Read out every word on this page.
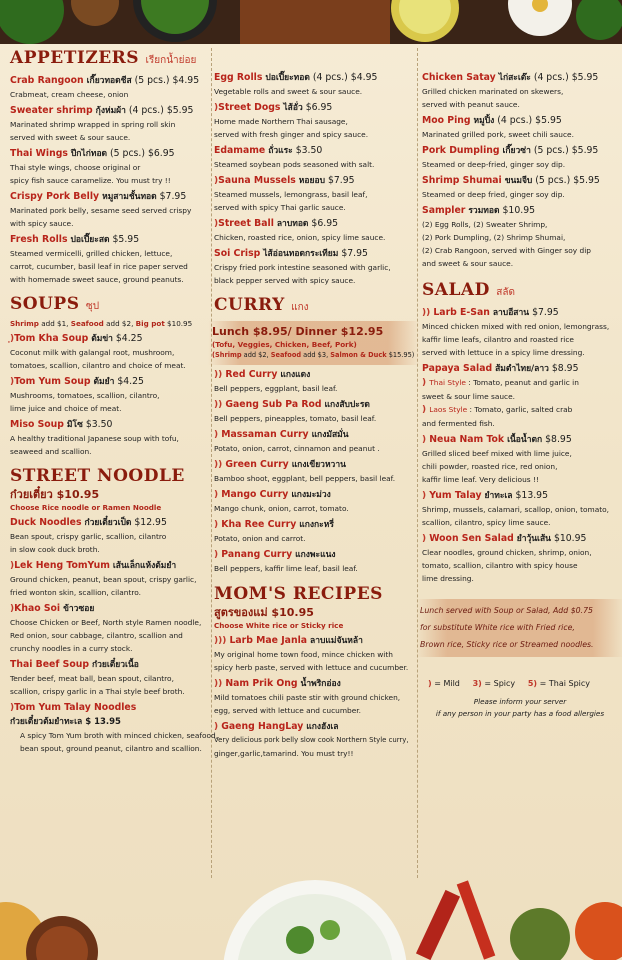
APPETIZERS เรียกน้ำย่อย
Crab Rangoon เกี๊ยวทอดชีส (5 pcs.) $4.95
Crabmeat, cream cheese, onion
Sweater shrimp กุ้งห่มผ้า (4 pcs.) $5.95
Marinated shrimp wrapped in spring roll skin
served with sweet & sour sauce.
Thai Wings ปีกไก่ทอด (5 pcs.) $6.95
Thai style wings, choose original or
spicy fish sauce caramelize. You must try !!
Crispy Pork Belly หมูสามชั้นทอด $7.95
Marinated pork belly, sesame seed served crispy
with spicy sauce.
Fresh Rolls ปอเปี๊ยะสด $5.95
Steamed vermicelli, grilled chicken, lettuce,
carrot, cucumber, basil leaf in rice paper served
with homemade sweet sauce, ground peanuts.
SOUPS ซุป
Shrimp add $1, Seafood add $2, Big pot $10.95
ฺ)Tom Kha Soup ต้มข่า $4.25
Coconut milk with galangal root, mushroom,
tomatoes, scallion, cilantro and choice of meat.
)Tom Yum Soup ต้มยำ $4.25
Mushrooms, tomatoes, scallion, cilantro,
lime juice and choice of meat.
Miso Soup มิโซ $3.50
A healthy traditional Japanese soup with tofu,
seaweed and scallion.
STREET NOODLE
ก๋วยเตี๋ยว $10.95
Choose Rice noodle or Ramen Noodle
Duck Noodles ก๋วยเตี๋ยวเป็ด $12.95
Bean spout, crispy garlic, scallion, cilantro
in slow cook duck broth.
)Lek Heng TomYum เส้นเล็กแห้งต้มยำ
Ground chicken, peanut, bean spout, crispy garlic,
fried wonton skin, scallion, cilantro.
)Khao Soi ข้าวซอย
Choose Chicken or Beef, North style Ramen noodle,
Red onion, sour cabbage, cilantro, scallion and
crunchy noodles in a curry stock.
Thai Beef Soup ก๋วยเตี๋ยวเนื้อ
Tender beef, meat ball, bean spout, cilantro,
scallion, crispy garlic in a Thai style beef broth.
)Tom Yum Talay Noodles
ก๋วยเตี๋ยวต้มยำทะเล $ 13.95
A spicy Tom Yum broth with minced chicken, seafood,
bean spout, ground peanut, cilantro and scallion.
Egg Rolls ปอเปี๊ยะทอด (4 pcs.) $4.95
Vegetable rolls and sweet & sour sauce.
)Street Dogs ไส้อั่ว $6.95
Home made Northern Thai sausage,
served with fresh ginger and spicy sauce.
Edamame ถั่วแระ $3.50
Steamed soybean pods seasoned with salt.
)Sauna Mussels หอยอบ $7.95
Steamed mussels, lemongrass, basil leaf,
served with spicy Thai garlic sauce.
)Street Ball ลาบทอด $6.95
Chicken, roasted rice, onion, spicy lime sauce.
Soi Crisp ไส้อ่อนทอดกระเทียม $7.95
Crispy fried pork intestine seasoned with garlic,
black pepper served with spicy sauce.
CURRY แกง
Lunch $8.95/ Dinner $12.95
(Tofu, Veggies, Chicken, Beef, Pork)
(Shrimp add $2, Seafood add $3, Salmon & Duck $15.95)
)) Red Curry แกงแดง
Bell peppers, eggplant, basil leaf.
)) Gaeng Sub Pa Rod แกงสับปะรด
Bell peppers, pineapples, tomato, basil leaf.
) Massaman Curry แกงมัสมั่น
Potato, onion, carrot, cinnamon and peanut .
)) Green Curry แกงเขียวหวาน
Bamboo shoot, eggplant, bell peppers, basil leaf.
) Mango Curry แกงมะม่วง
Mango chunk, onion, carrot, tomato.
) Kha Ree Curry แกงกะหรี่
Potato, onion and carrot.
) Panang Curry แกงพะแนง
Bell peppers, kaffir lime leaf, basil leaf.
MOM'S RECIPES
สูตรของแม่ $10.95
Choose White rice or Sticky rice
))) Larb Mae Janla ลาบแม่จันหล้า
My original home town food, mince chicken with
spicy herb paste, served with lettuce and cucumber.
)) Nam Prik Ong น้ำพริกอ่อง
Mild tomatoes chili paste stir with ground chicken,
egg, served with lettuce and cucumber.
) Gaeng HangLay แกงฮังเล
Very delicious pork belly slow cook Northern Style curry,
ginger,garlic,tamarind. You must try!!
Chicken Satay ไก่สะเต๊ะ (4 pcs.) $5.95
Grilled chicken marinated on skewers,
served with peanut sauce.
Moo Ping หมูปิ้ง (4 pcs.) $5.95
Marinated grilled pork, sweet chili sauce.
Pork Dumpling เกี๊ยวซ่า (5 pcs.) $5.95
Steamed or deep-fried, ginger soy dip.
Shrimp Shumai ขนมจีบ (5 pcs.) $5.95
Steamed or deep fried, ginger soy dip.
Sampler รวมทอด $10.95
(2) Egg Rolls, (2) Sweater Shrimp,
(2) Pork Dumpling, (2) Shrimp Shumai,
(2) Crab Rangoon, served with Ginger soy dip
and sweet & sour sauce.
SALAD สลัด
)) Larb E-San ลาบอีสาน $7.95
Minced chicken mixed with red onion, lemongrass,
kaffir lime leafs, cilantro and roasted rice
served with lettuce in a spicy lime dressing.
Papaya Salad ส้มตำไทย/ลาว $8.95
) Thai Style : Tomato, peanut and garlic in
sweet & sour lime sauce.
) Laos Style : Tomato, garlic, salted crab
and fermented fish.
) Neua Nam Tok เนื้อน้ำตก $8.95
Grilled sliced beef mixed with lime juice,
chili powder, roasted rice, red onion,
kaffir lime leaf. Very delicious !!
) Yum Talay ยำทะเล $13.95
Shrimp, mussels, calamari, scallop, onion, tomato,
scallion, cilantro, spicy lime sauce.
) Woon Sen Salad ยำวุ้นเส้น $10.95
Clear noodles, ground chicken, shrimp, onion,
tomato, scallion, cilantro with spicy house
lime dressing.
Lunch served with Soup or Salad, Add $0.75
for substitute White rice with Fried rice,
Brown rice, Sticky rice or Streamed noodles.
) = Mild 3) = Spicy 5) = Thai Spicy
Please inform your server
if any person in your party has a food allergies
